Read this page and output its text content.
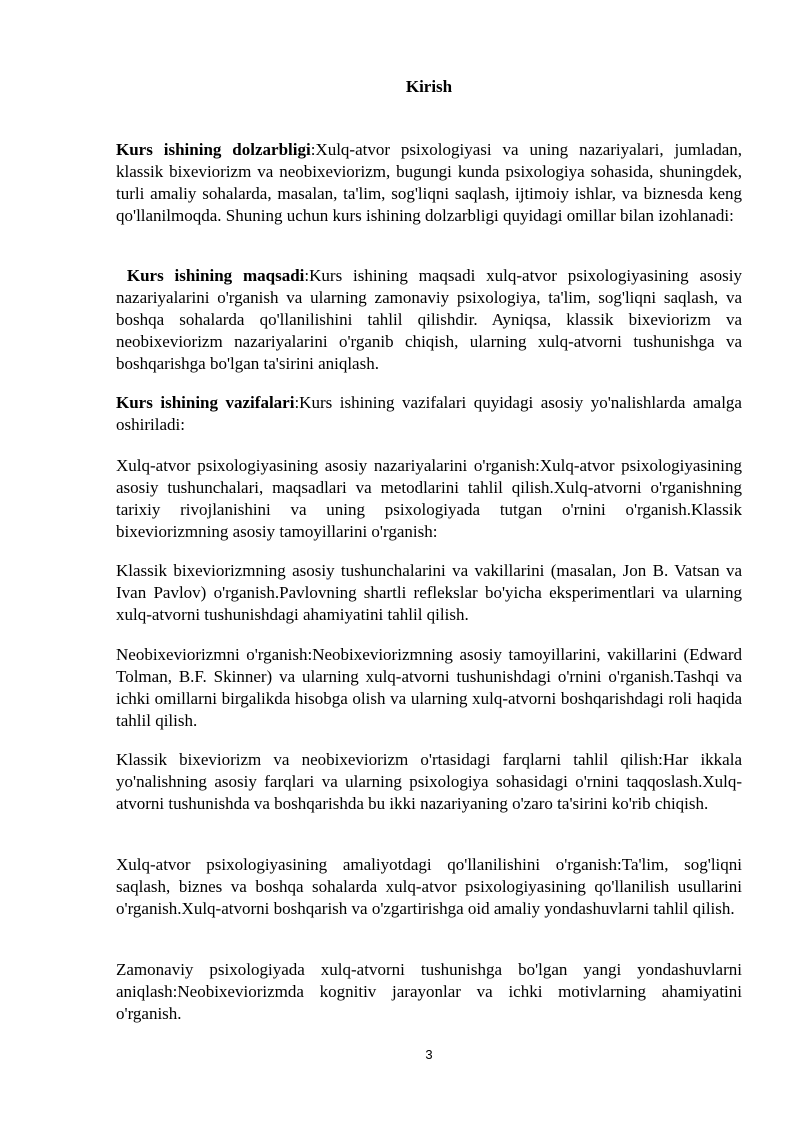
Kirish

Kurs ishining dolzarbligi:Xulq-atvor psixologiyasi va uning nazariyalari, jumladan, klassik bixeviorizm va neobixeviorizm, bugungi kunda psixologiya sohasida, shuningdek, turli amaliy sohalarda, masalan, ta'lim, sog'liqni saqlash, ijtimoiy ishlar, va biznesda keng qo'llanilmoqda. Shuning uchun kurs ishining dolzarbligi quyidagi omillar bilan izohlanadi:

Kurs ishining maqsadi:Kurs ishining maqsadi xulq-atvor psixologiyasining asosiy nazariyalarini o'rganish va ularning zamonaviy psixologiya, ta'lim, sog'liqni saqlash, va boshqa sohalarda qo'llanilishini tahlil qilishdir. Ayniqsa, klassik bixeviorizm va neobixeviorizm nazariyalarini o'rganib chiqish, ularning xulq-atvorni tushunishga va boshqarishga bo'lgan ta'sirini aniqlash.

Kurs ishining vazifalari:Kurs ishining vazifalari quyidagi asosiy yo'nalishlarda amalga oshiriladi:

Xulq-atvor psixologiyasining asosiy nazariyalarini o'rganish:Xulq-atvor psixologiyasining asosiy tushunchalari, maqsadlari va metodlarini tahlil qilish.Xulq-atvorni o'rganishning tarixiy rivojlanishini va uning psixologiyada tutgan o'rnini o'rganish.Klassik bixeviorizmning asosiy tamoyillarini o'rganish:

Klassik bixeviorizmning asosiy tushunchalarini va vakillarini (masalan, Jon B. Vatsan va Ivan Pavlov) o'rganish.Pavlovning shartli reflekslar bo'yicha eksperimentlari va ularning xulq-atvorni tushunishdagi ahamiyatini tahlil qilish.

Neobixeviorizmni o'rganish:Neobixeviorizmning asosiy tamoyillarini, vakillarini (Edward Tolman, B.F. Skinner) va ularning xulq-atvorni tushunishdagi o'rnini o'rganish.Tashqi va ichki omillarni birgalikda hisobga olish va ularning xulq-atvorni boshqarishdagi roli haqida tahlil qilish.

Klassik bixeviorizm va neobixeviorizm o'rtasidagi farqlarni tahlil qilish:Har ikkala yo'nalishning asosiy farqlari va ularning psixologiya sohasidagi o'rnini taqqoslash.Xulq-atvorni tushunishda va boshqarishda bu ikki nazariyaning o'zaro ta'sirini ko'rib chiqish.

Xulq-atvor psixologiyasining amaliyotdagi qo'llanilishini o'rganish:Ta'lim, sog'liqni saqlash, biznes va boshqa sohalarda xulq-atvor psixologiyasining qo'llanilish usullarini o'rganish.Xulq-atvorni boshqarish va o'zgartirishga oid amaliy yondashuvlarni tahlil qilish.

Zamonaviy psixologiyada xulq-atvorni tushunishga bo'lgan yangi yondashuvlarni aniqlash:Neobixeviorizmda kognitiv jarayonlar va ichki motivlarning ahamiyatini o'rganish.

3
